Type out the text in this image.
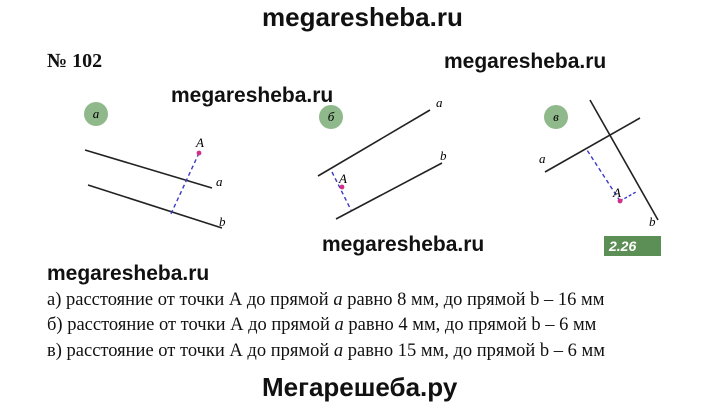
megaresheba.ru
№ 102
а
A
a
b
б
A
a
b
в
A
a
b
2.26
megaresheba.ru
megaresheba.ru
megaresheba.ru
megaresheba.ru
а) расстояние от точки А до прямой a равно 8 мм, до прямой b – 16 мм
б) расстояние от точки А до прямой a равно 4 мм, до прямой b – 6 мм
в) расстояние от точки А до прямой a равно 15 мм, до прямой b – 6 мм
Мегарешеба.ру
